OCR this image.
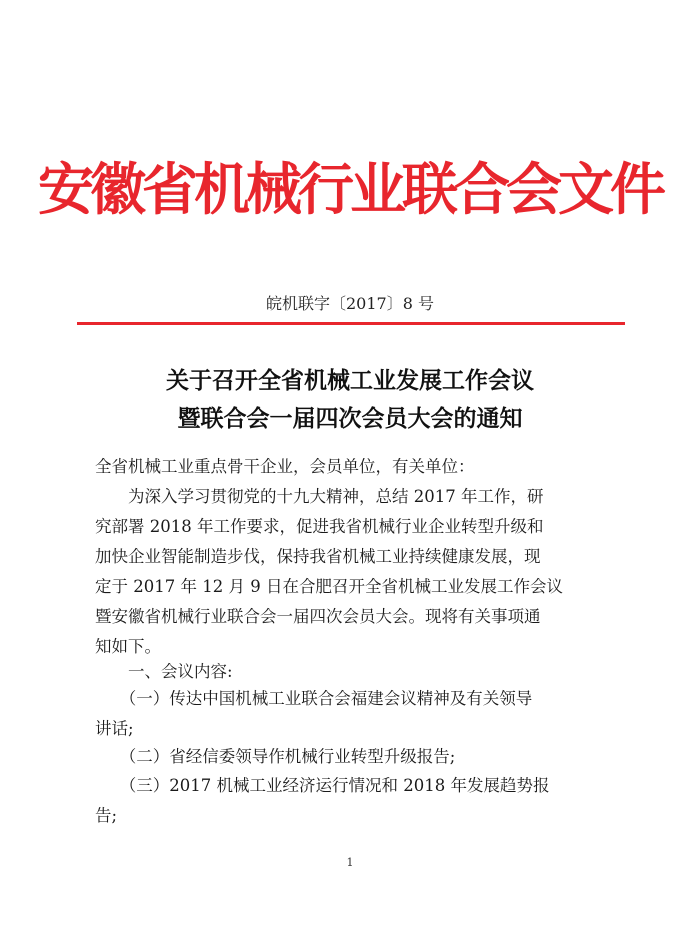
安徽省机械行业联合会文件
皖机联字〔2017〕8 号
关于召开全省机械工业发展工作会议
暨联合会一届四次会员大会的通知
全省机械工业重点骨干企业，会员单位，有关单位：
　　为深入学习贯彻党的十九大精神，总结 2017 年工作，研
究部署 2018 年工作要求，促进我省机械行业企业转型升级和
加快企业智能制造步伐，保持我省机械工业持续健康发展，现
定于 2017 年 12 月 9 日在合肥召开全省机械工业发展工作会议
暨安徽省机械行业联合会一届四次会员大会。现将有关事项通
知如下。
　　一、会议内容:
　　（一）传达中国机械工业联合会福建会议精神及有关领导
讲话;
　　（二）省经信委领导作机械行业转型升级报告;
　　（三）2017 机械工业经济运行情况和 2018 年发展趋势报
告;
1
